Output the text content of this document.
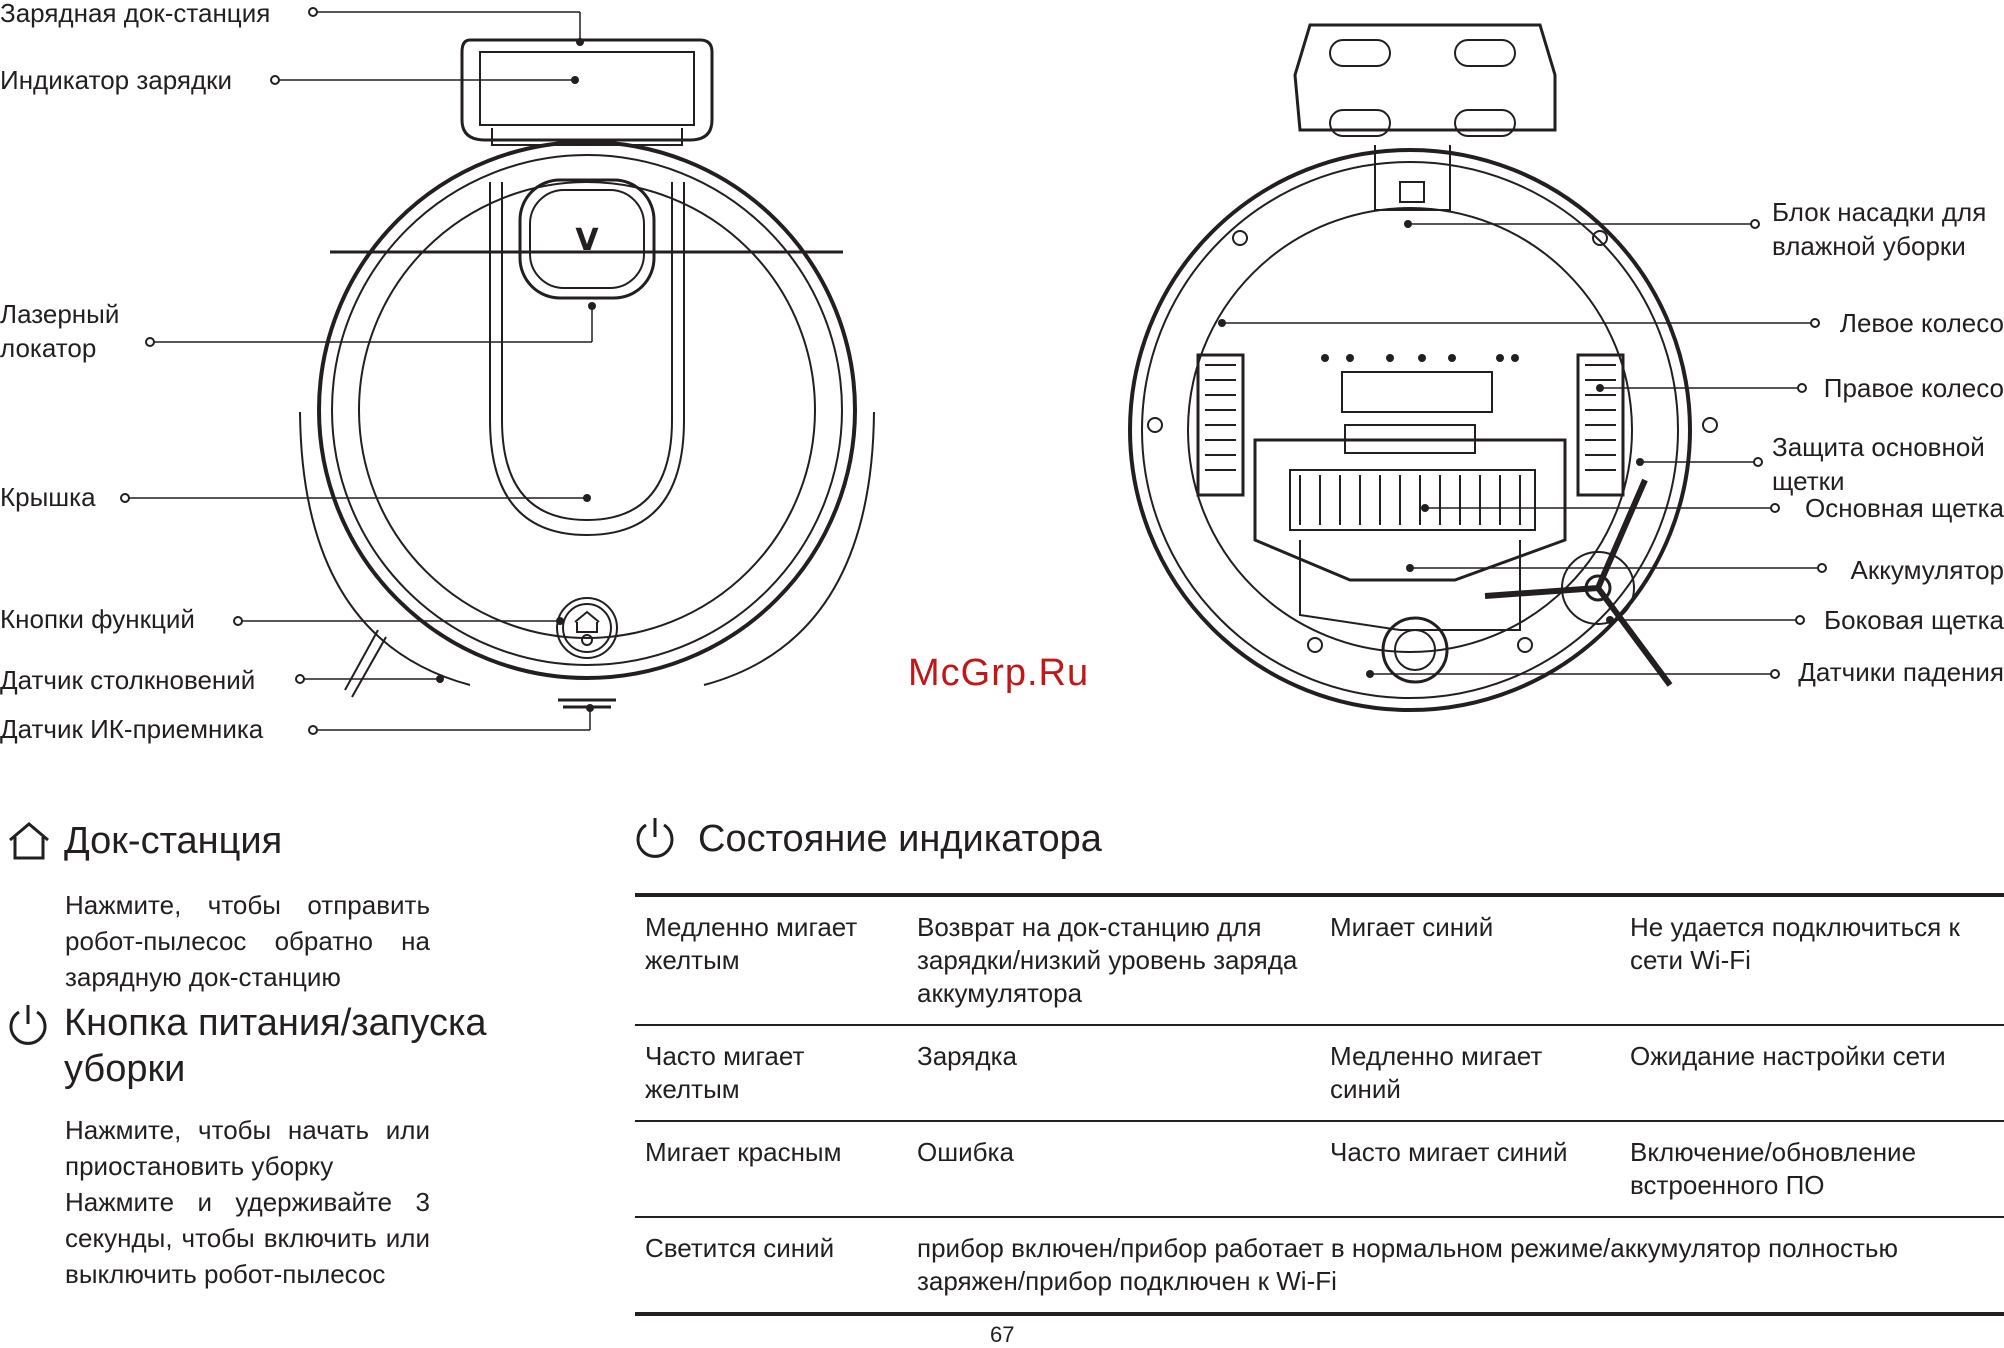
V
Зарядная док-станция
Индикатор зарядки
Лазерный
локатор
Крышка
Кнопки функций
Датчик столкновений
Датчик ИК-приемника
Блок насадки для
влажной уборки
Левое колесо
Правое колесо
Защита основной
щетки
Основная щетка
Аккумулятор
Боковая щетка
Датчики падения
McGrp.Ru
Док-станция
Нажмите, чтобы отправить робот-пылесос обратно на зарядную док-станцию
Кнопка питания/запуска уборки
Нажмите, чтобы начать или приостановить уборку
Нажмите и удерживайте 3 секунды, чтобы включить или выключить робот-пылесос
Состояние индикатора
Медленно мигает желтым	Возврат на док-станцию для зарядки/низкий уровень заряда аккумулятора	Мигает синий	Не удается подключиться к сети Wi-Fi
Часто мигает желтым	Зарядка	Медленно мигает синий	Ожидание настройки сети
Мигает красным	Ошибка	Часто мигает синий	Включение/обновление встроенного ПО
Светится синий	прибор включен/прибор работает в нормальном режиме/аккумулятор полностью заряжен/прибор подключен к Wi-Fi		
67
